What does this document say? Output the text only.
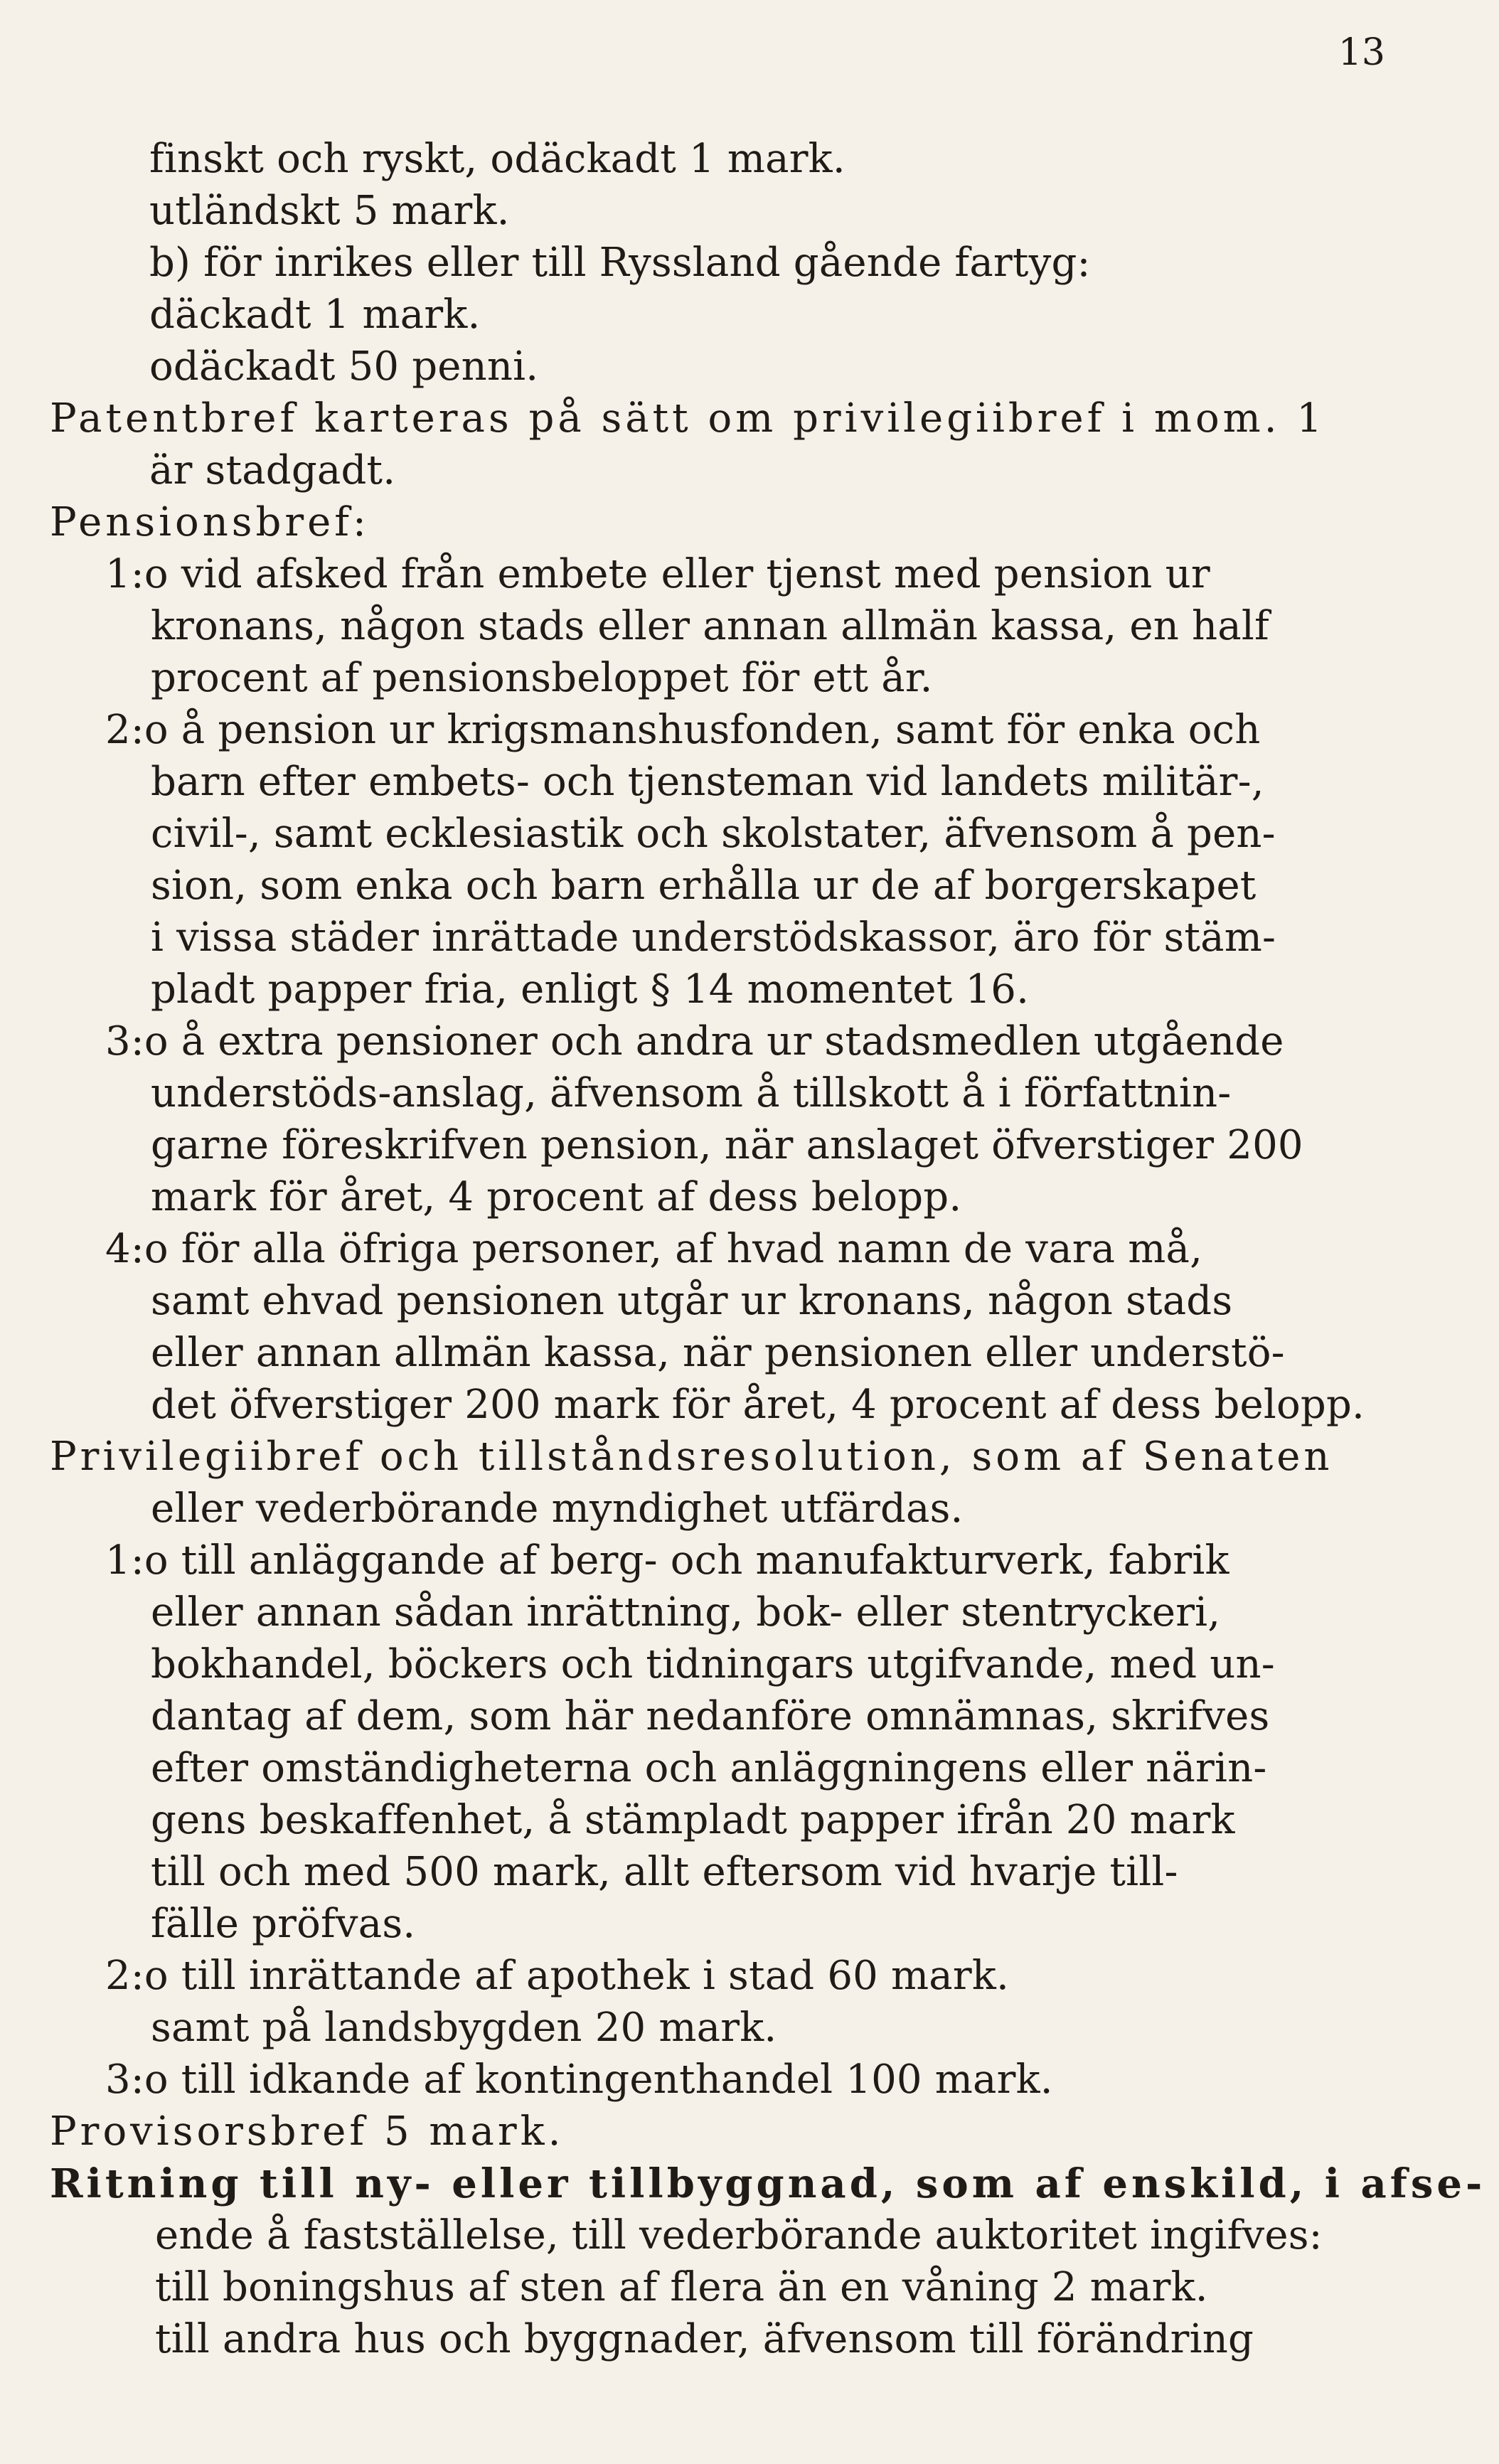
13
finskt och ryskt, odäckadt 1 mark.
utländskt 5 mark.
b) för inrikes eller till Ryssland gående fartyg:
däckadt 1 mark.
odäckadt 50 penni.
Patentbref karteras på sätt om privilegiibref i mom. 1
är stadgadt.
Pensionsbref:
1:o vid afsked från embete eller tjenst med pension ur
kronans, någon stads eller annan allmän kassa, en half
procent af pensionsbeloppet för ett år.
2:o å pension ur krigsmanshusfonden, samt för enka och
barn efter embets- och tjensteman vid landets militär-,
civil-, samt ecklesiastik och skolstater, äfvensom å pen-
sion, som enka och barn erhålla ur de af borgerskapet
i vissa städer inrättade understödskassor, äro för stäm-
pladt papper fria, enligt § 14 momentet 16.
3:o å extra pensioner och andra ur stadsmedlen utgående
understöds-anslag, äfvensom å tillskott å i författnin-
garne föreskrifven pension, när anslaget öfverstiger 200
mark för året, 4 procent af dess belopp.
4:o för alla öfriga personer, af hvad namn de vara må,
samt ehvad pensionen utgår ur kronans, någon stads
eller annan allmän kassa, när pensionen eller understö-
det öfverstiger 200 mark för året, 4 procent af dess belopp.
Privilegiibref och tillståndsresolution, som af Senaten
eller vederbörande myndighet utfärdas.
1:o till anläggande af berg- och manufakturverk, fabrik
eller annan sådan inrättning, bok- eller stentryckeri,
bokhandel, böckers och tidningars utgifvande, med un-
dantag af dem, som här nedanföre omnämnas, skrifves
efter omständigheterna och anläggningens eller närin-
gens beskaffenhet, å stämpladt papper ifrån 20 mark
till och med 500 mark, allt eftersom vid hvarje till-
fälle pröfvas.
2:o till inrättande af apothek i stad 60 mark.
samt på landsbygden 20 mark.
3:o till idkande af kontingenthandel 100 mark.
Provisorsbref 5 mark.
Ritning till ny- eller tillbyggnad, som af enskild, i afse-
ende å fastställelse, till vederbörande auktoritet ingifves:
till boningshus af sten af flera än en våning 2 mark.
till andra hus och byggnader, äfvensom till förändring
